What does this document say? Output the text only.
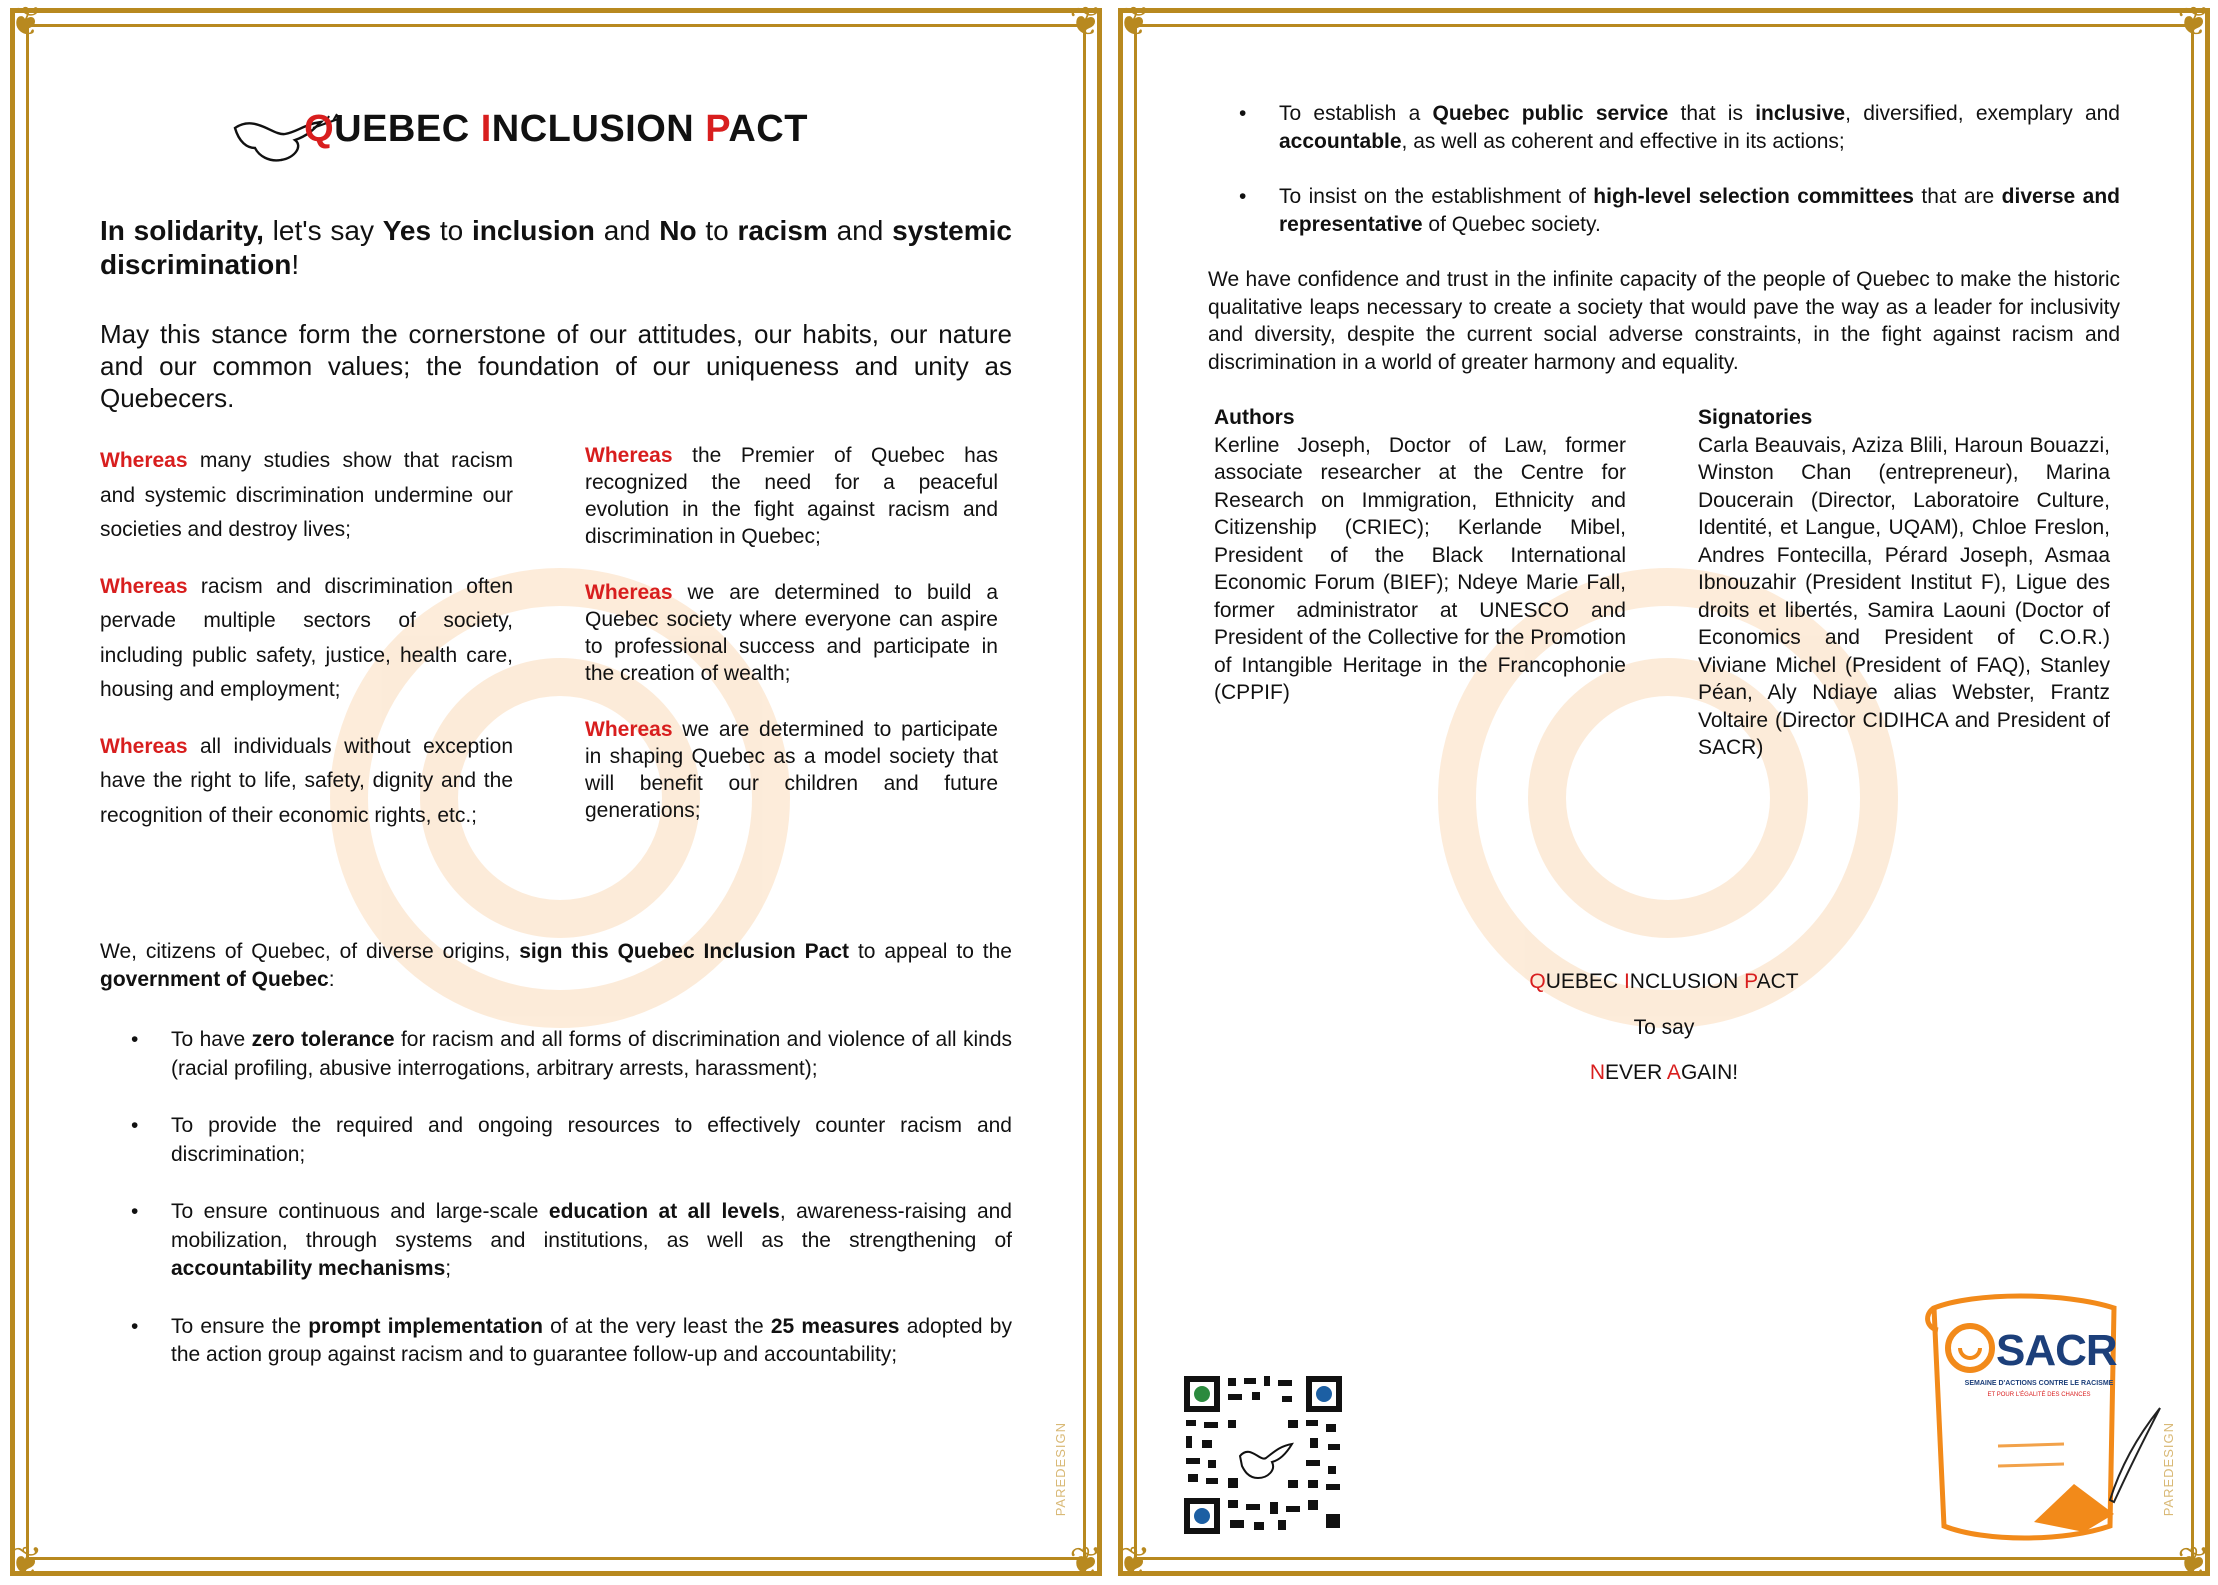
❦	❦
❦	❦
QUEBEC INCLUSION PACT

In solidarity, let's say Yes to inclusion and No to racism and systemic discrimination!

May this stance form the cornerstone of our attitudes, our habits, our nature and our common values; the foundation of our uniqueness and unity as Quebecers.

Whereas many studies show that racism and systemic discrimination undermine our societies and destroy lives;

Whereas racism and discrimination often pervade multiple sectors of society, including public safety, justice, health care, housing and employment;

Whereas all individuals without exception have the right to life, safety, dignity and the recognition of their economic rights, etc.;

Whereas the Premier of Quebec has recognized the need for a peaceful evolution in the fight against racism and discrimination in Quebec;

Whereas we are determined to build a Quebec society where everyone can aspire to professional success and participate in the creation of wealth;

Whereas we are determined to participate in shaping Quebec as a model society that will benefit our children and future generations;

We, citizens of Quebec, of diverse origins, sign this Quebec Inclusion Pact to appeal to the government of Quebec:

• To have zero tolerance for racism and all forms of discrimination and violence of all kinds (racial profiling, abusive interrogations, arbitrary arrests, harassment);
• To provide the required and ongoing resources to effectively counter racism and discrimination;
• To ensure continuous and large-scale education at all levels, awareness-raising and mobilization, through systems and institutions, as well as the strengthening of accountability mechanisms;
• To ensure the prompt implementation of at the very least the 25 measures adopted by the action group against racism and to guarantee follow-up and accountability;
PAREDESIGN
❦	❦
❦	❦
• To establish a Quebec public service that is inclusive, diversified, exemplary and accountable, as well as coherent and effective in its actions;
• To insist on the establishment of high-level selection committees that are diverse and representative of Quebec society.

We have confidence and trust in the infinite capacity of the people of Quebec to make the historic qualitative leaps necessary to create a society that would pave the way as a leader for inclusivity and diversity, despite the current social adverse constraints, in the fight against racism and discrimination in a world of greater harmony and equality.

Authors

Kerline Joseph, Doctor of Law, former associate researcher at the Centre for Research on Immigration, Ethnicity and Citizenship (CRIEC); Kerlande Mibel, President of the Black International Economic Forum (BIEF); Ndeye Marie Fall, former administrator at UNESCO and President of the Collective for the Promotion of Intangible Heritage in the Francophonie (CPPIF)

Signatories

Carla Beauvais, Aziza Blili, Haroun Bouazzi, Winston Chan (entrepreneur), Marina Doucerain (Director, Laboratoire Culture, Identité, et Langue, UQAM), Chloe Freslon, Andres Fontecilla, Pérard Joseph, Asmaa Ibnouzahir (President Institut F), Ligue des droits et libertés, Samira Laouni (Doctor of Economics and President of C.O.R.) Viviane Michel (President of FAQ), Stanley Péan, Aly Ndiaye alias Webster, Frantz Voltaire (Director CIDIHCA and President of SACR)

QUEBEC INCLUSION PACT
To say
NEVER AGAIN!
SACR
SEMAINE D'ACTIONS CONTRE LE RACISME
ET POUR L'ÉGALITÉ DES CHANCES
PAREDESIGN
